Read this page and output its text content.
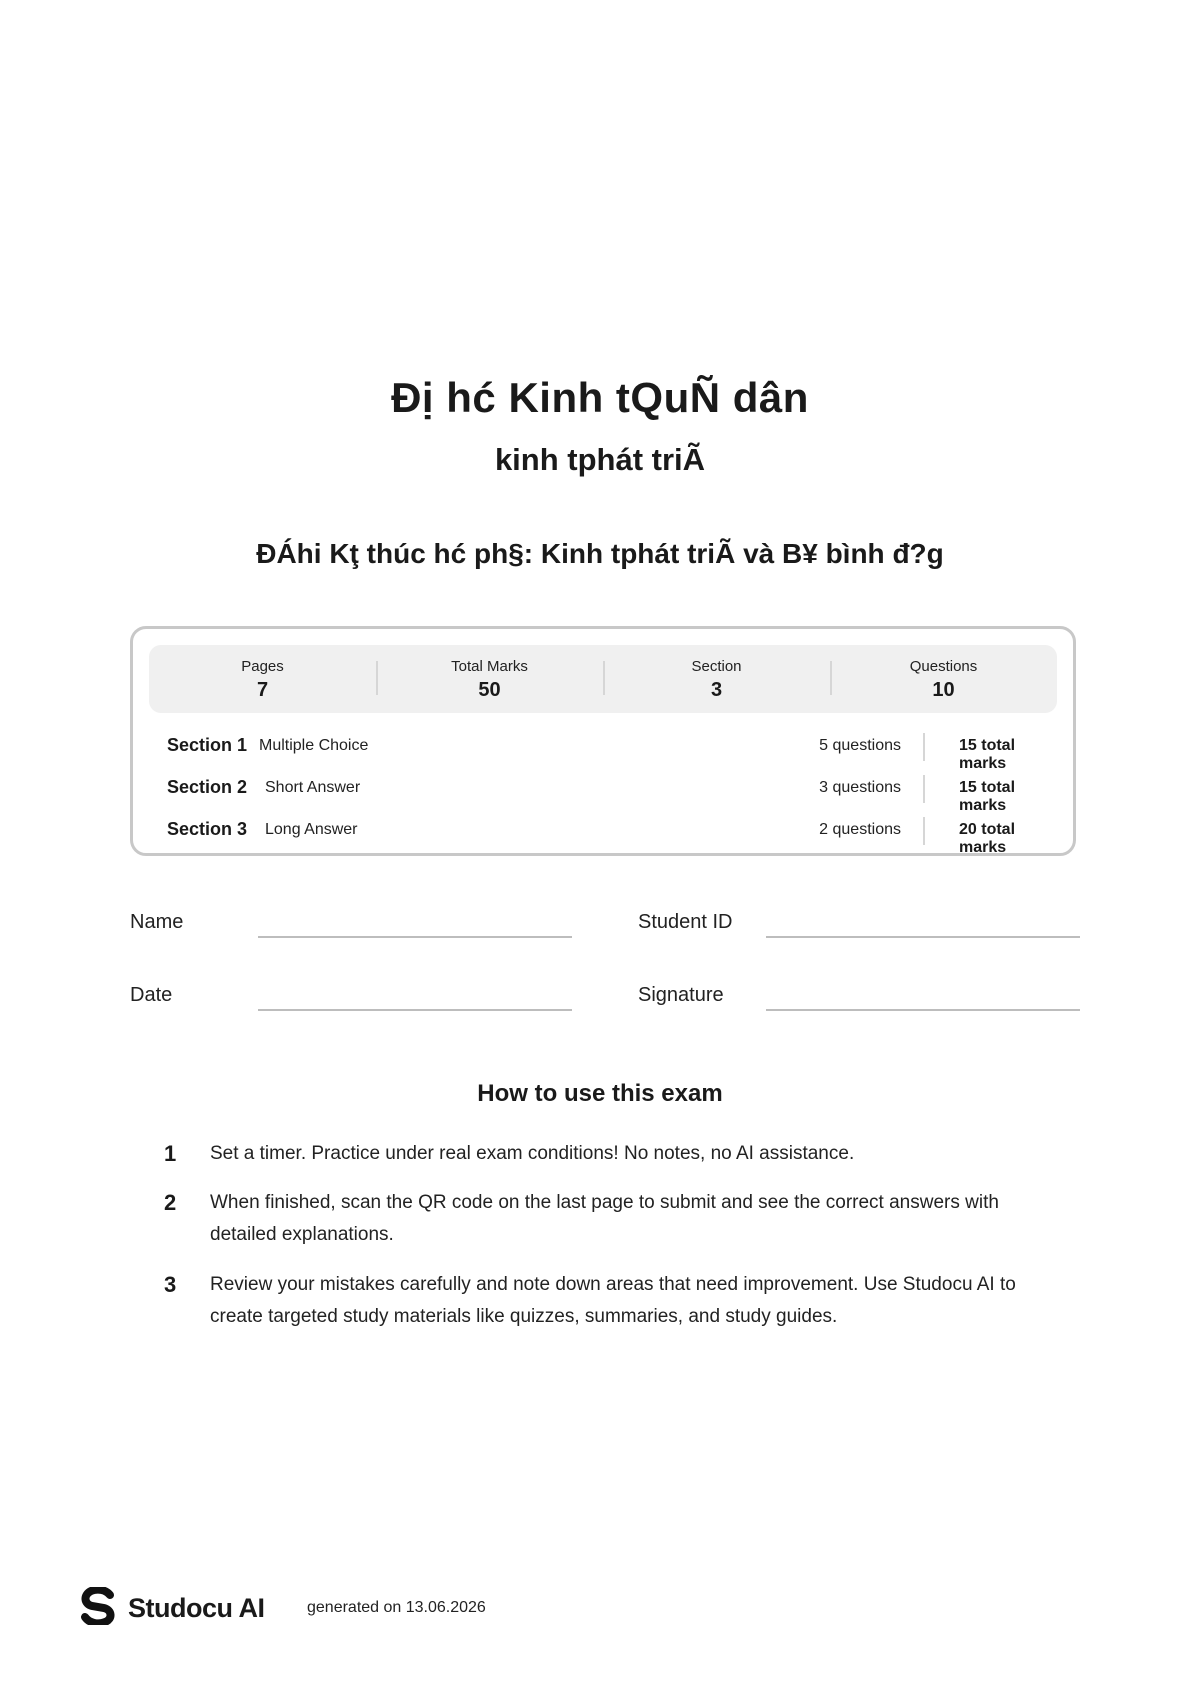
Đị hć Kinh tQuÑ dân
kinh tphát triÃ
ĐÁhi Kţ thúc hć ph§: Kinh tphát triÃ và B¥ bình đ?g
Pages
7
Total Marks
50
Section
3
Questions
10
Section 1 Multiple Choice	5 questions	15 total marks
Section 2 Short Answer	3 questions	15 total marks
Section 3 Long Answer	2 questions	20 total marks
Name	Student ID
Date	Signature
How to use this exam
1 Set a timer. Practice under real exam conditions! No notes, no AI assistance.
2 When finished, scan the QR code on the last page to submit and see the correct answers with detailed explanations.
3 Review your mistakes carefully and note down areas that need improvement. Use Studocu AI to create targeted study materials like quizzes, summaries, and study guides.
Studocu AI	generated on 13.06.2026
